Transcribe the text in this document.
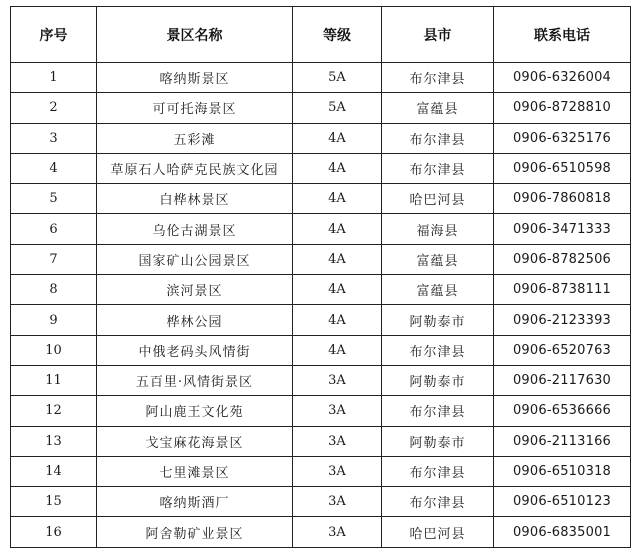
序号	景区名称	等级	县市	联系电话
1	喀纳斯景区	5A	布尔津县	0906-6326004
2	可可托海景区	5A	富蕴县	0906-8728810
3	五彩滩	4A	布尔津县	0906-6325176
4	草原石人哈萨克民族文化园	4A	布尔津县	0906-6510598
5	白桦林景区	4A	哈巴河县	0906-7860818
6	乌伦古湖景区	4A	福海县	0906-3471333
7	国家矿山公园景区	4A	富蕴县	0906-8782506
8	滨河景区	4A	富蕴县	0906-8738111
9	桦林公园	4A	阿勒泰市	0906-2123393
10	中俄老码头风情街	4A	布尔津县	0906-6520763
11	五百里·风情街景区	3A	阿勒泰市	0906-2117630
12	阿山鹿王文化苑	3A	布尔津县	0906-6536666
13	戈宝麻花海景区	3A	阿勒泰市	0906-2113166
14	七里滩景区	3A	布尔津县	0906-6510318
15	喀纳斯酒厂	3A	布尔津县	0906-6510123
16	阿舍勒矿业景区	3A	哈巴河县	0906-6835001
